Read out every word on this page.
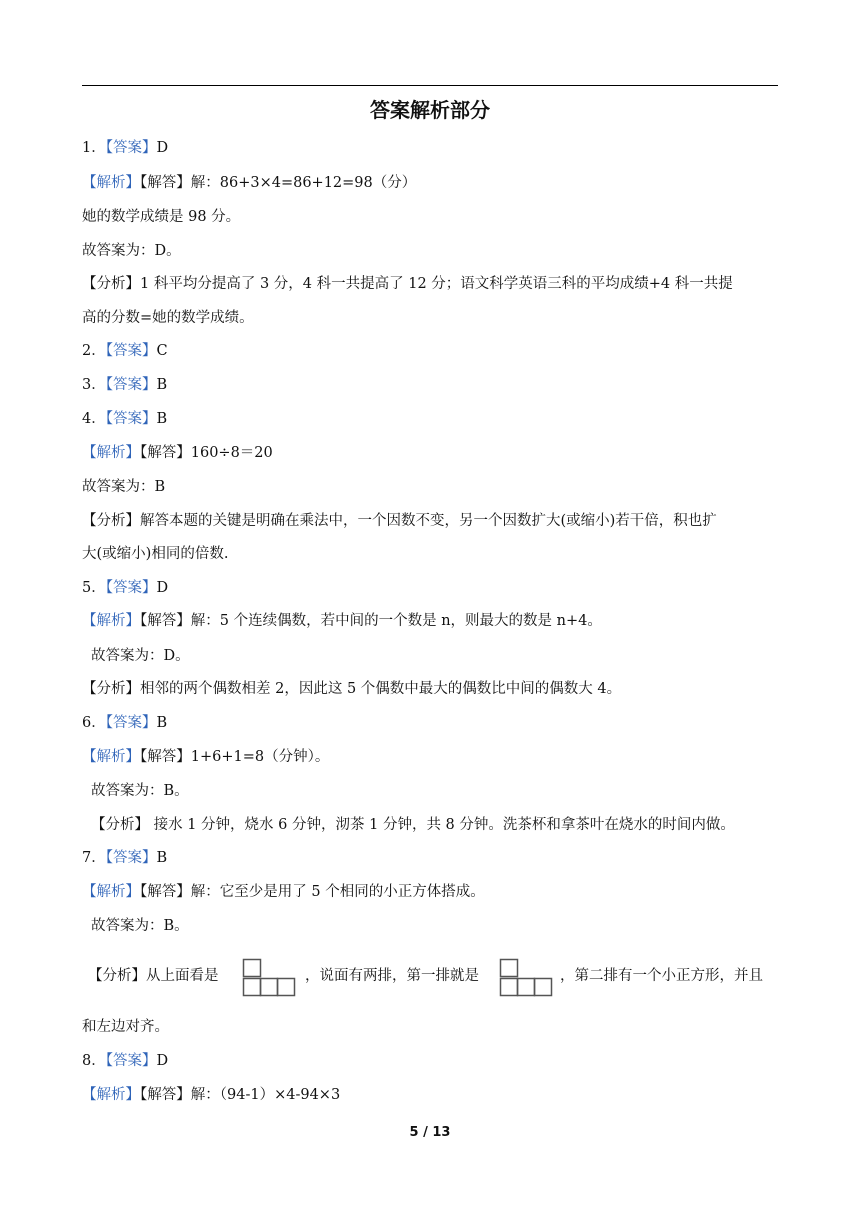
答案解析部分
1．【答案】D
【解析】【解答】解：86+3×4=86+12=98（分）
她的数学成绩是 98 分。
故答案为：D。
【分析】1 科平均分提高了 3 分，4 科一共提高了 12 分；语文科学英语三科的平均成绩+4 科一共提
高的分数=她的数学成绩。
2．【答案】C
3．【答案】B
4．【答案】B
【解析】【解答】160÷8＝20
故答案为：B
【分析】解答本题的关键是明确在乘法中，一个因数不变，另一个因数扩大(或缩小)若干倍，积也扩
大(或缩小)相同的倍数.
5．【答案】D
【解析】【解答】解：5 个连续偶数，若中间的一个数是 n，则最大的数是 n+4。
故答案为：D。
【分析】相邻的两个偶数相差 2，因此这 5 个偶数中最大的偶数比中间的偶数大 4。
6．【答案】B
【解析】【解答】1+6+1=8（分钟）。
故答案为：B。
【分析】 接水 1 分钟，烧水 6 分钟，沏茶 1 分钟，共 8 分钟。洗茶杯和拿茶叶在烧水的时间内做。
7．【答案】B
【解析】【解答】解：它至少是用了 5 个相同的小正方体搭成。
故答案为：B。
【分析】从上面看是	，说面有两排，第一排就是	，第二排有一个小正方形，并且
和左边对齐。
8．【答案】D
【解析】【解答】解：（94-1）×4-94×3
5 / 13
